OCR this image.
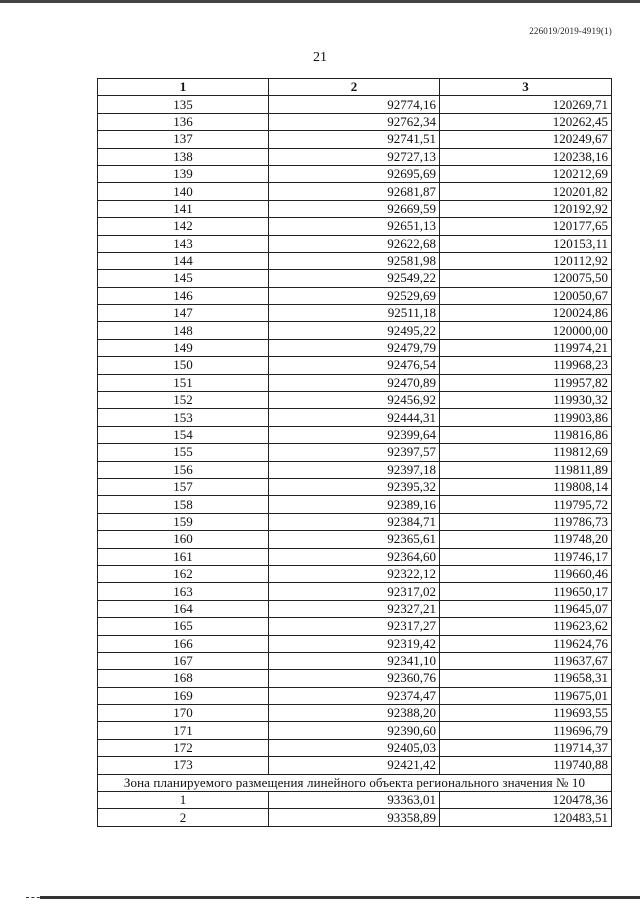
226019/2019-4919(1)
21
1	2	3
135	92774,16	120269,71
136	92762,34	120262,45
137	92741,51	120249,67
138	92727,13	120238,16
139	92695,69	120212,69
140	92681,87	120201,82
141	92669,59	120192,92
142	92651,13	120177,65
143	92622,68	120153,11
144	92581,98	120112,92
145	92549,22	120075,50
146	92529,69	120050,67
147	92511,18	120024,86
148	92495,22	120000,00
149	92479,79	119974,21
150	92476,54	119968,23
151	92470,89	119957,82
152	92456,92	119930,32
153	92444,31	119903,86
154	92399,64	119816,86
155	92397,57	119812,69
156	92397,18	119811,89
157	92395,32	119808,14
158	92389,16	119795,72
159	92384,71	119786,73
160	92365,61	119748,20
161	92364,60	119746,17
162	92322,12	119660,46
163	92317,02	119650,17
164	92327,21	119645,07
165	92317,27	119623,62
166	92319,42	119624,76
167	92341,10	119637,67
168	92360,76	119658,31
169	92374,47	119675,01
170	92388,20	119693,55
171	92390,60	119696,79
172	92405,03	119714,37
173	92421,42	119740,88
Зона планируемого размещения линейного объекта регионального значения № 10		
1	93363,01	120478,36
2	93358,89	120483,51
